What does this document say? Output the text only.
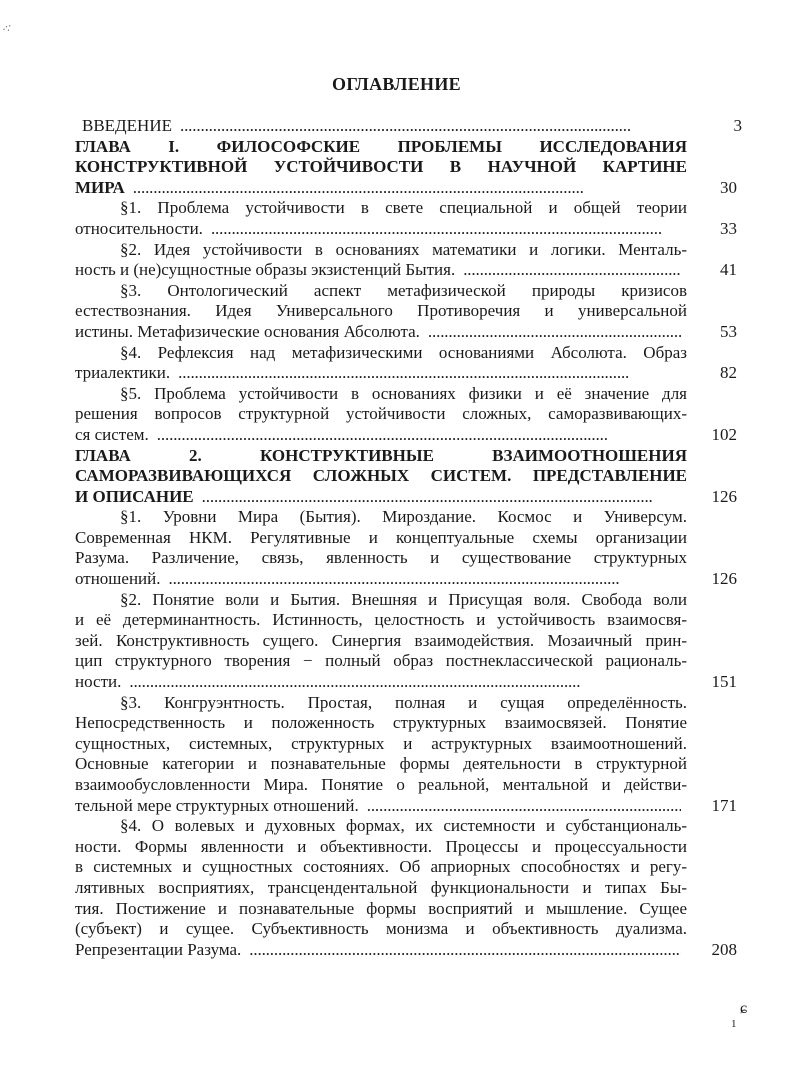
·:·
ОГЛАВЛЕНИЕ
ВВЕДЕНИЕ . . .	3
ГЛАВА I. ФИЛОСОФСКИЕ ПРОБЛЕМЫ ИССЛЕДОВАНИЯ
КОНСТРУКТИВНОЙ УСТОЙЧИВОСТИ В НАУЧНОЙ КАРТИНЕ
МИРА . . .	30
§1. Проблема устойчивости в свете специальной и общей теории
относительности. . . .	33
§2. Идея устойчивости в основаниях математики и логики. Менталь-
ность и (не)сущностные образы экзистенций Бытия. . . .	41
§3. Онтологический аспект метафизической природы кризисов
естествознания. Идея Универсального Противоречия и универсальной
истины. Метафизические основания Абсолюта. . . .	53
§4. Рефлексия над метафизическими основаниями Абсолюта. Образ
триалектики. . . .	82
§5. Проблема устойчивости в основаниях физики и её значение для
решения вопросов структурной устойчивости сложных, саморазвивающих-
ся систем. . . .	102
ГЛАВА 2. КОНСТРУКТИВНЫЕ ВЗАИМООТНОШЕНИЯ
САМОРАЗВИВАЮЩИХСЯ СЛОЖНЫХ СИСТЕМ. ПРЕДСТАВЛЕНИЕ
И ОПИСАНИЕ . . .	126
§1. Уровни Мира (Бытия). Мироздание. Космос и Универсум.
Современная НКМ. Регулятивные и концептуальные схемы организации
Разума. Различение, связь, явленность и существование структурных
отношений. . . .	126
§2. Понятие воли и Бытия. Внешняя и Присущая воля. Свобода воли
и её детерминантность. Истинность, целостность и устойчивость взаимосвя-
зей. Конструктивность сущего. Синергия взаимодействия. Мозаичный прин-
цип структурного творения − полный образ постнеклассической рациональ-
ности. . . .	151
§3. Конгруэнтность. Простая, полная и сущая определённость.
Непосредственность и положенность структурных взаимосвязей. Понятие
сущностных, системных, структурных и аструктурных взаимоотношений.
Основные категории и познавательные формы деятельности в структурной
взаимообусловленности Мира. Понятие о реальной, ментальной и действи-
тельной мере структурных отношений. . . .	171
§4. О волевых и духовных формах, их системности и субстанциональ-
ности. Формы явленности и объективности. Процессы и процессуальности
в системных и сущностных состояниях. Об априорных способностях и регу-
лятивных восприятиях, трансцендентальной функциональности и типах Бы-
тия. Постижение и познавательные формы восприятий и мышление. Сущее
(субъект) и сущее. Субъективность монизма и объективность дуализма.
Репрезентации Разума. . . .	208
ɕ
1
